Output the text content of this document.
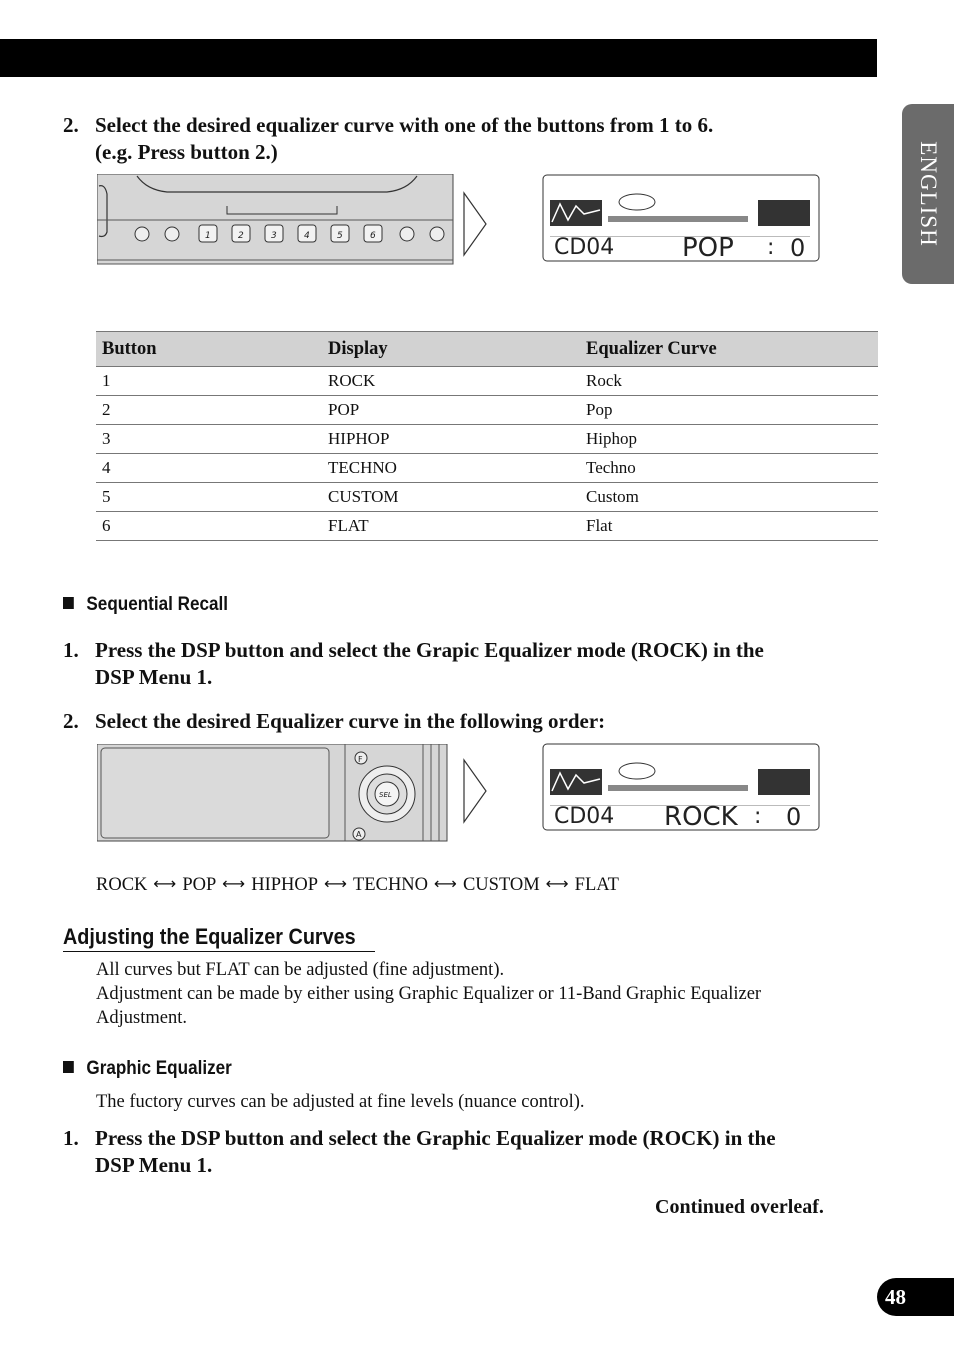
ENGLISH
2. Select the desired equalizer curve with one of the buttons from 1 to 6.
(e.g. Press button 2.)
1	2	3	4	5	6	CD04	POP : 0
Button	Display	Equalizer Curve
1	ROCK	Rock
2	POP	Pop
3	HIPHOP	Hiphop
4	TECHNO	Techno
5	CUSTOM	Custom
6	FLAT	Flat
Sequential Recall
1. Press the DSP button and select the Grapic Equalizer mode (ROCK) in the
DSP Menu 1.
2. Select the desired Equalizer curve in the following order:
F
SEL
A
CD04 ROCK : 0
ROCK ⟷ POP ⟷ HIPHOP ⟷ TECHNO ⟷ CUSTOM ⟷ FLAT
Adjusting the Equalizer Curves
All curves but FLAT can be adjusted (fine adjustment).
Adjustment can be made by either using Graphic Equalizer or 11-Band Graphic Equalizer
Adjustment.
Graphic Equalizer
The fuctory curves can be adjusted at fine levels (nuance control).
1. Press the DSP button and select the Graphic Equalizer mode (ROCK) in the
DSP Menu 1.
Continued overleaf.
48
